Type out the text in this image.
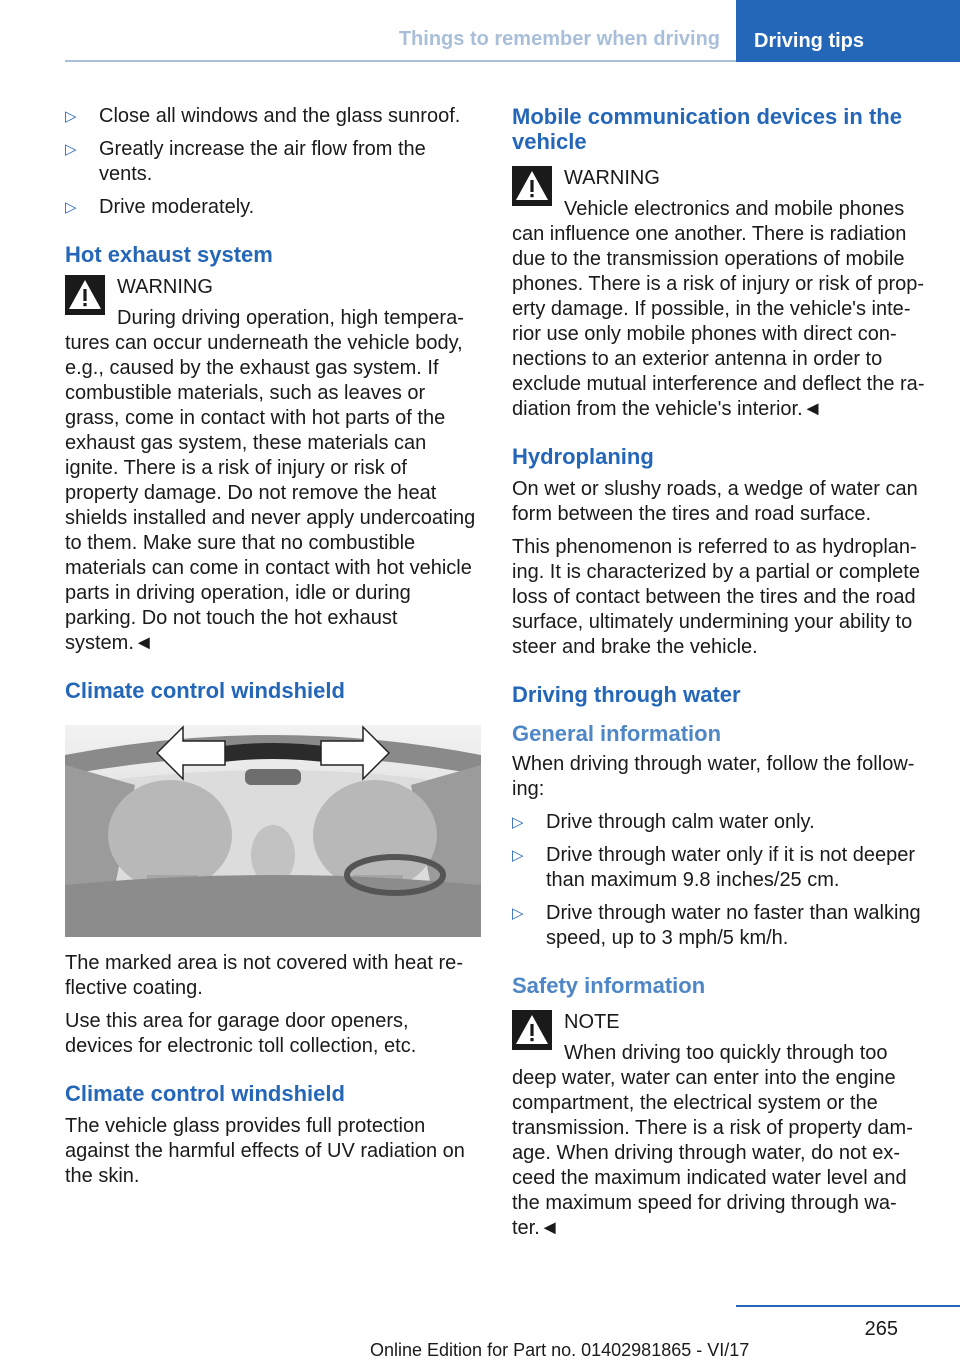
Things to remember when driving	Driving tips
▷ Close all windows and the glass sunroof.
▷ Greatly increase the air flow from the vents.
▷ Drive moderately.
Hot exhaust system
WARNING
During driving operation, high temperatures can occur underneath the vehicle body, e.g., caused by the exhaust gas system. If combustible materials, such as leaves or grass, come in contact with hot parts of the exhaust gas system, these materials can ignite. There is a risk of injury or risk of property damage. Do not remove the heat shields installed and never apply undercoating to them. Make sure that no combustible materials can come in contact with hot vehicle parts in driving operation, idle or during parking. Do not touch the hot exhaust system.◄
Climate control windshield

The marked area is not covered with heat reflective coating.

Use this area for garage door openers, devices for electronic toll collection, etc.

Climate control windshield

The vehicle glass provides full protection against the harmful effects of UV radiation on the skin.

Mobile communication devices in the vehicle
WARNING
Vehicle electronics and mobile phones can influence one another. There is radiation due to the transmission operations of mobile phones. There is a risk of injury or risk of property damage. If possible, in the vehicle's interior use only mobile phones with direct connections to an exterior antenna in order to exclude mutual interference and deflect the radiation from the vehicle's interior.◄
Hydroplaning

On wet or slushy roads, a wedge of water can form between the tires and road surface.

This phenomenon is referred to as hydroplaning. It is characterized by a partial or complete loss of contact between the tires and the road surface, ultimately undermining your ability to steer and brake the vehicle.

Driving through water
General information

When driving through water, follow the following:

▷ Drive through calm water only.
▷ Drive through water only if it is not deeper than maximum 9.8 inches/25 cm.
▷ Drive through water no faster than walking speed, up to 3 mph/5 km/h.
Safety information
NOTE
When driving too quickly through too deep water, water can enter into the engine compartment, the electrical system or the transmission. There is a risk of property damage. When driving through water, do not exceed the maximum indicated water level and the maximum speed for driving through water.◄
265
Online Edition for Part no. 01402981865 - VI/17
